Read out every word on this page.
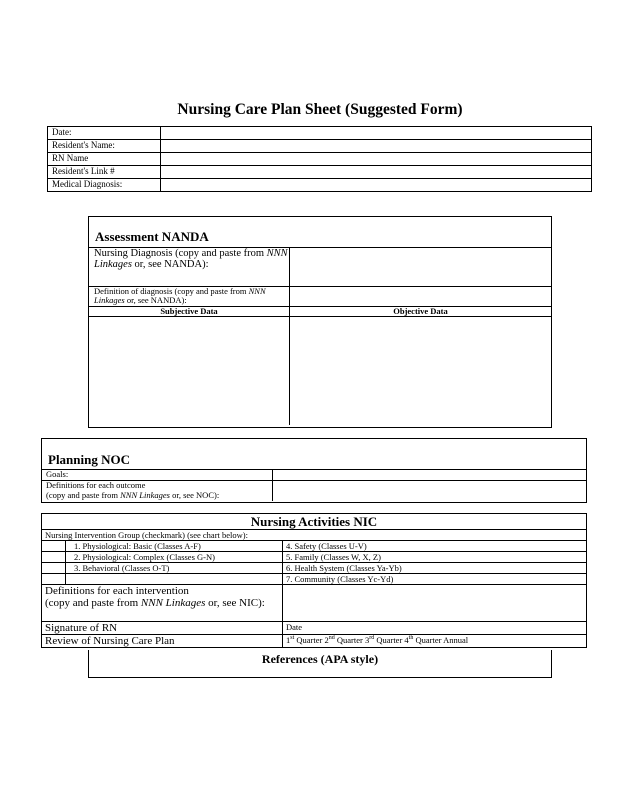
Nursing Care Plan Sheet (Suggested Form)
Date:	
Resident's Name:	
RN Name	
Resident's Link #	
Medical Diagnosis:	
Assessment NANDA
Nursing Diagnosis (copy and paste from NNN Linkages or, see NANDA):	
Definition of diagnosis (copy and paste from NNN Linkages or, see NANDA):	
Subjective Data	Objective Data

Planning NOC
Goals:	
Definitions for each outcome
(copy and paste from NNN Linkages or, see NOC):	
Nursing Activities NIC		
Nursing Intervention Group (checkmark) (see chart below):		
	1. Physiological: Basic (Classes A-F)	4. Safety (Classes U-V)
	2. Physiological: Complex (Classes G-N)	5. Family (Classes W, X, Z)
	3. Behavioral (Classes O-T)	6. Health System (Classes Ya-Yb)
		7. Community (Classes Yc-Yd)
Definitions for each intervention
(copy and paste from NNN Linkages or, see NIC):		
Signature of RN		Date
Review of Nursing Care Plan		1st Quarter 2nd Quarter 3rd Quarter 4th Quarter Annual
References (APA style)
